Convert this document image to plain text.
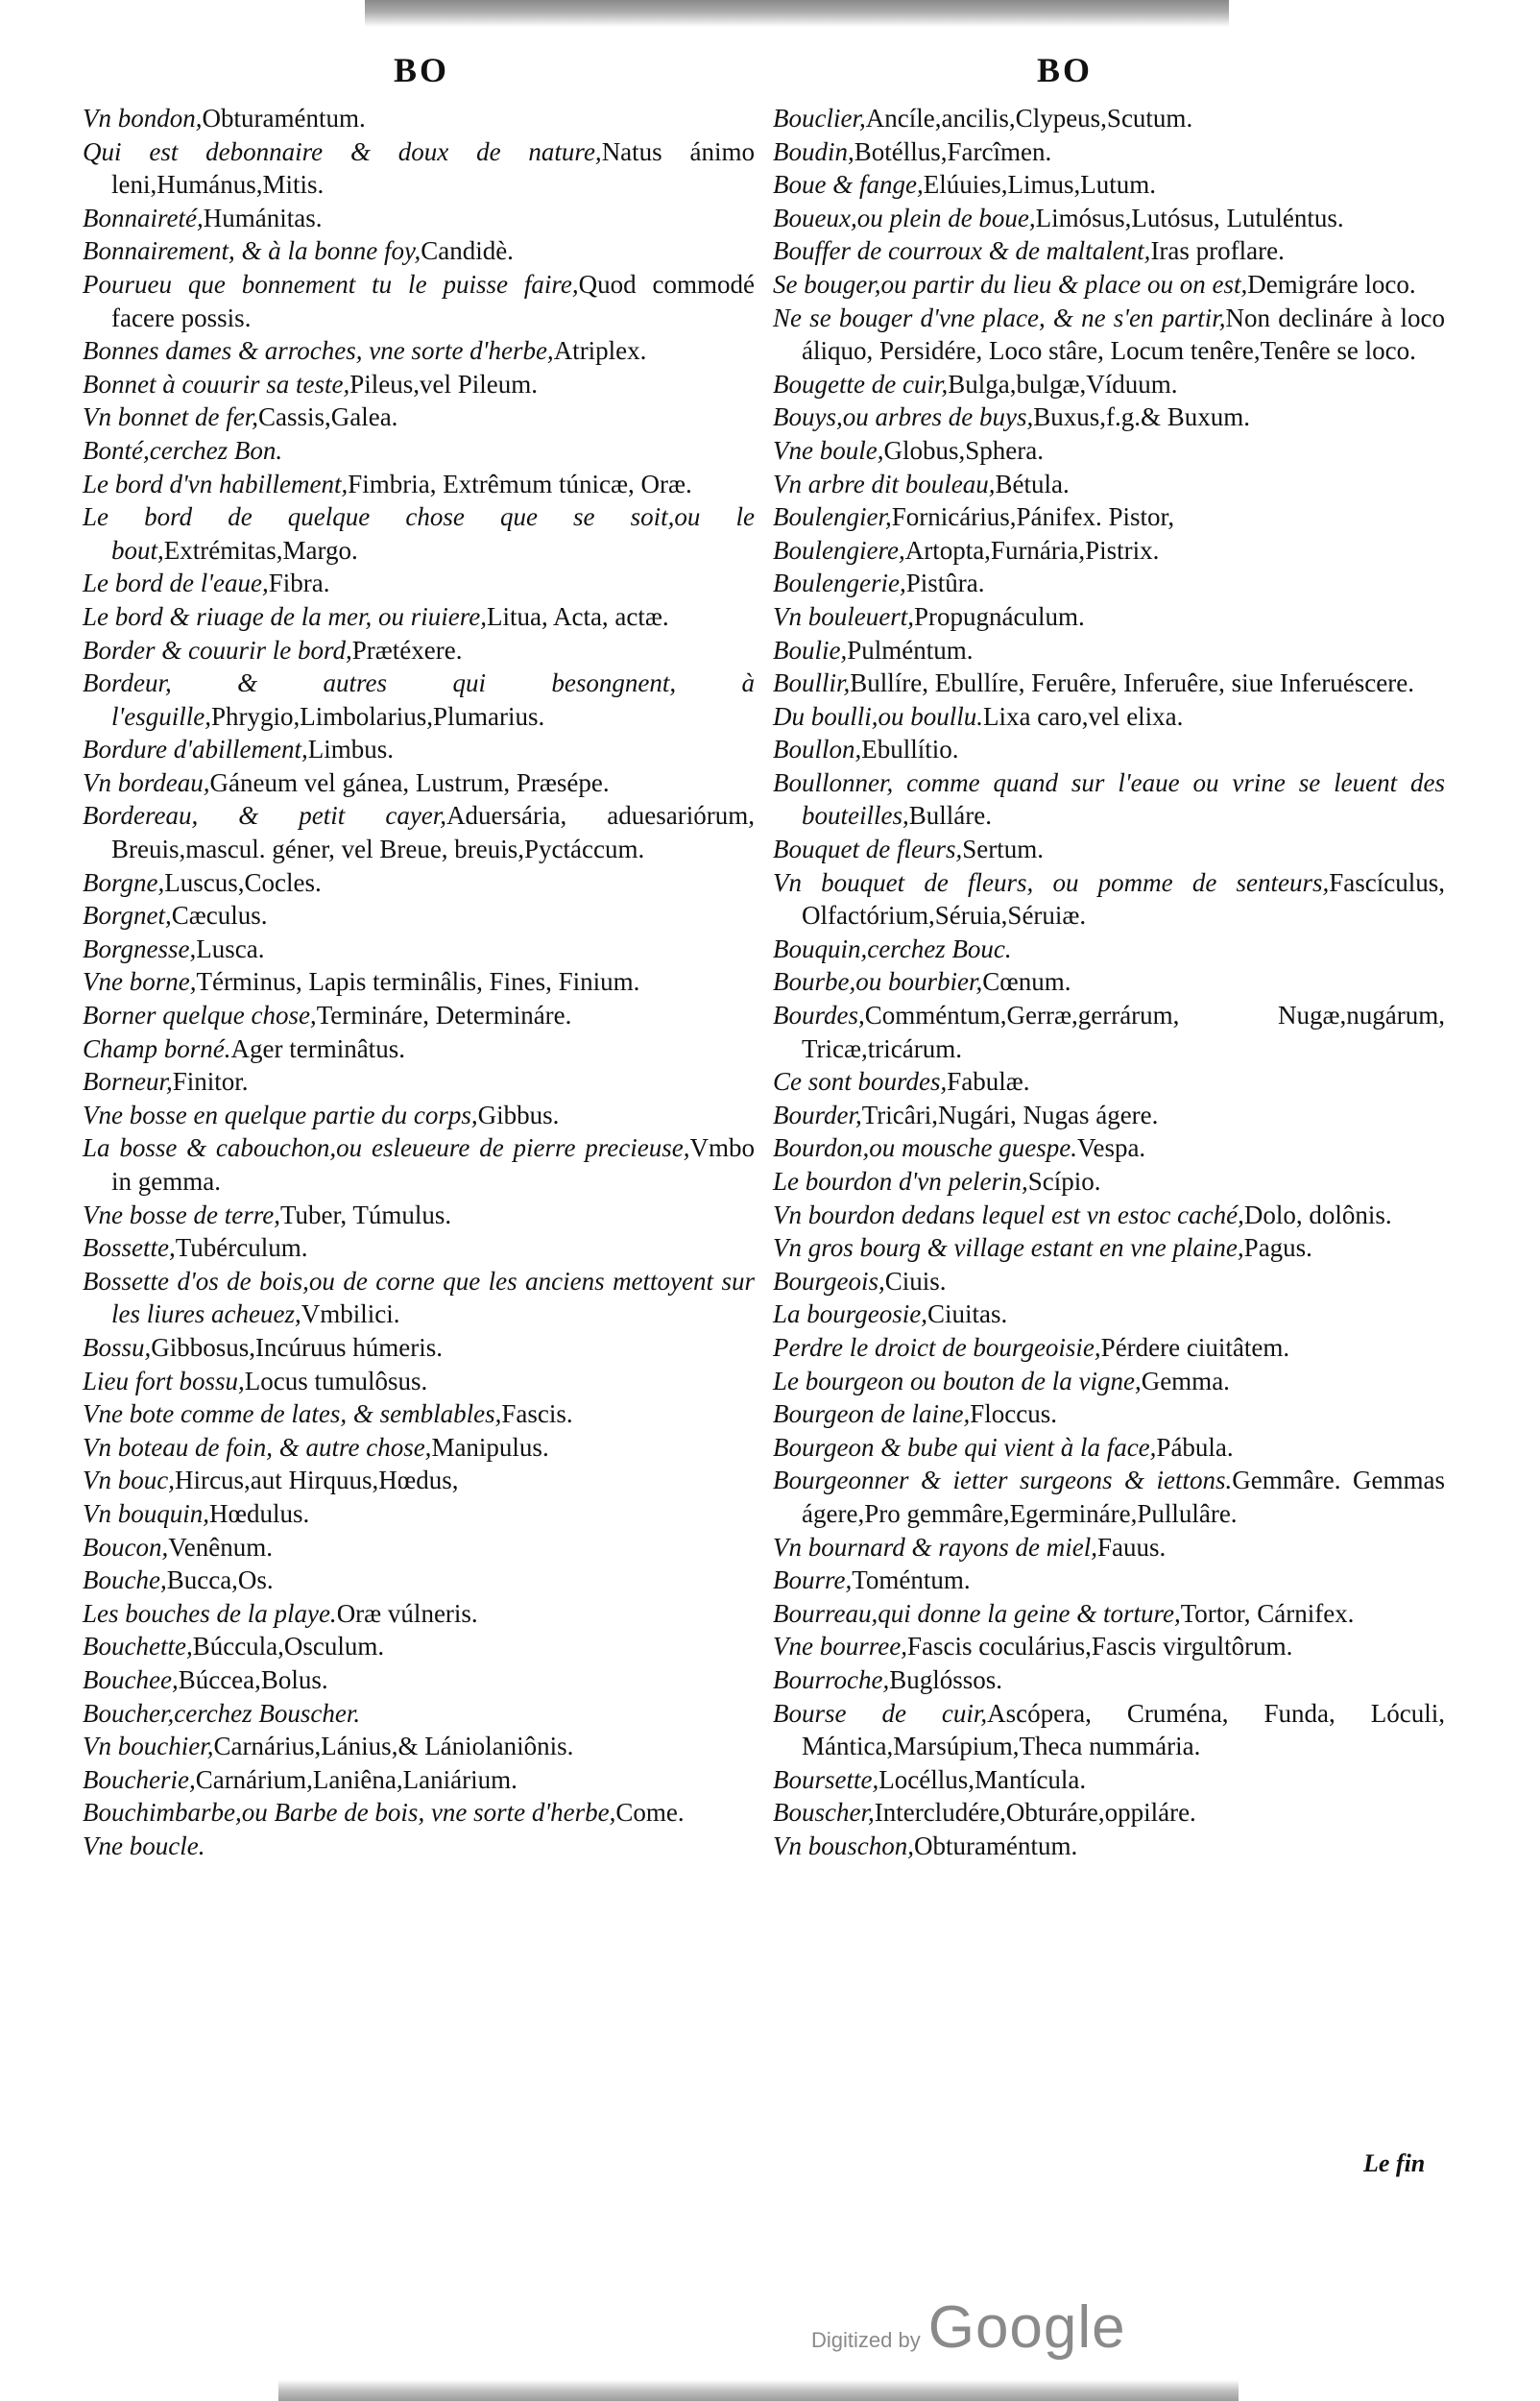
BO	BO
Vn bondon,Obturaméntum.
Qui est debonnaire & doux de nature,Natus ánimo leni,Humánus,Mitis.
Bonnaireté,Humánitas.
Bonnairement, & à la bonne foy,Candidè.
Pourueu que bonnement tu le puisse faire,Quod commodé facere possis.
Bonnes dames & arroches, vne sorte d'herbe,Atriplex.
Bonnet à couurir sa teste,Pileus,vel Pileum.
Vn bonnet de fer,Cassis,Galea.
Bonté,cerchez Bon.
Le bord d'vn habillement,Fimbria, Extrêmum túnicæ, Oræ.
Le bord de quelque chose que se soit,ou le bout,Extrémitas,Margo.
Le bord de l'eaue,Fibra.
Le bord & riuage de la mer, ou riuiere,Litua, Acta, actæ.
Border & couurir le bord,Prætéxere.
Bordeur, & autres qui besongnent, à l'esguille,Phrygio,Limbolarius,Plumarius.
Bordure d'abillement,Limbus.
Vn bordeau,Gáneum vel gánea, Lustrum, Præsépe.
Bordereau, & petit cayer,Aduersária, aduesariórum, Breuis,mascul. géner, vel Breue, breuis,Pyctáccum.
Borgne,Luscus,Cocles.
Borgnet,Cæculus.
Borgnesse,Lusca.
Vne borne,Términus, Lapis terminâlis, Fines, Finium.
Borner quelque chose,Termináre, Determináre.
Champ borné.Ager terminâtus.
Borneur,Finitor.
Vne bosse en quelque partie du corps,Gibbus.
La bosse & cabouchon,ou esleueure de pierre precieuse,Vmbo in gemma.
Vne bosse de terre,Tuber, Túmulus.
Bossette,Tubérculum.
Bossette d'os de bois,ou de corne que les anciens mettoyent sur les liures acheuez,Vmbilici.
Bossu,Gibbosus,Incúruus húmeris.
Lieu fort bossu,Locus tumulôsus.
Vne bote comme de lates, & semblables,Fascis.
Vn boteau de foin, & autre chose,Manipulus.
Vn bouc,Hircus,aut Hirquus,Hœdus,
Vn bouquin,Hœdulus.
Boucon,Venênum.
Bouche,Bucca,Os.
Les bouches de la playe.Oræ vúlneris.
Bouchette,Búccula,Osculum.
Bouchee,Búccea,Bolus.
Boucher,cerchez Bouscher.
Vn bouchier,Carnárius,Lánius,& Lániolaniônis.
Boucherie,Carnárium,Laniêna,Laniárium.
Bouchimbarbe,ou Barbe de bois, vne sorte d'herbe,Come.
Vne boucle.
Bouclier,Ancíle,ancilis,Clypeus,Scutum.
Boudin,Botéllus,Farcîmen.
Boue & fange,Elúuies,Limus,Lutum.
Boueux,ou plein de boue,Limósus,Lutósus, Lutuléntus.
Bouffer de courroux & de maltalent,Iras proflare.
Se bouger,ou partir du lieu & place ou on est,Demigráre loco.
Ne se bouger d'vne place, & ne s'en partir,Non declináre à loco áliquo, Persidére, Loco stâre, Locum tenêre,Tenêre se loco.
Bougette de cuir,Bulga,bulgæ,Víduum.
Bouys,ou arbres de buys,Buxus,f.g.& Buxum.
Vne boule,Globus,Sphera.
Vn arbre dit bouleau,Bétula.
Boulengier,Fornicárius,Pánifex. Pistor,
Boulengiere,Artopta,Furnária,Pistrix.
Boulengerie,Pistûra.
Vn bouleuert,Propugnáculum.
Boulie,Pulméntum.
Boullir,Bullíre, Ebullíre, Feruêre, Inferuêre, siue Inferuéscere.
Du boulli,ou boullu.Lixa caro,vel elixa.
Boullon,Ebullítio.
Boullonner, comme quand sur l'eaue ou vrine se leuent des bouteilles,Bulláre.
Bouquet de fleurs,Sertum.
Vn bouquet de fleurs, ou pomme de senteurs,Fascículus, Olfactórium,Séruia,Séruiæ.
Bouquin,cerchez Bouc.
Bourbe,ou bourbier,Cœnum.
Bourdes,Comméntum,Gerræ,gerrárum, Nugæ,nugárum, Tricæ,tricárum.
Ce sont bourdes,Fabulæ.
Bourder,Tricâri,Nugári, Nugas ágere.
Bourdon,ou mousche guespe.Vespa.
Le bourdon d'vn pelerin,Scípio.
Vn bourdon dedans lequel est vn estoc caché,Dolo, dolônis.
Vn gros bourg & village estant en vne plaine,Pagus.
Bourgeois,Ciuis.
La bourgeosie,Ciuitas.
Perdre le droict de bourgeoisie,Pérdere ciuitâtem.
Le bourgeon ou bouton de la vigne,Gemma.
Bourgeon de laine,Floccus.
Bourgeon & bube qui vient à la face,Pábula.
Bourgeonner & ietter surgeons & iettons.Gemmâre. Gemmas ágere,Pro gemmâre,Egermináre,Pullulâre.
Vn bournard & rayons de miel,Fauus.
Bourre,Toméntum.
Bourreau,qui donne la geine & torture,Tortor, Cárnifex.
Vne bourree,Fascis coculárius,Fascis virgultôrum.
Bourroche,Buglóssos.
Bourse de cuir,Ascópera, Cruména, Funda, Lóculi, Mántica,Marsúpium,Theca nummária.
Boursette,Locéllus,Mantícula.
Bouscher,Intercludére,Obturáre,oppiláre.
Vn bouschon,Obturaméntum.
Le fin
Digitized by Google
